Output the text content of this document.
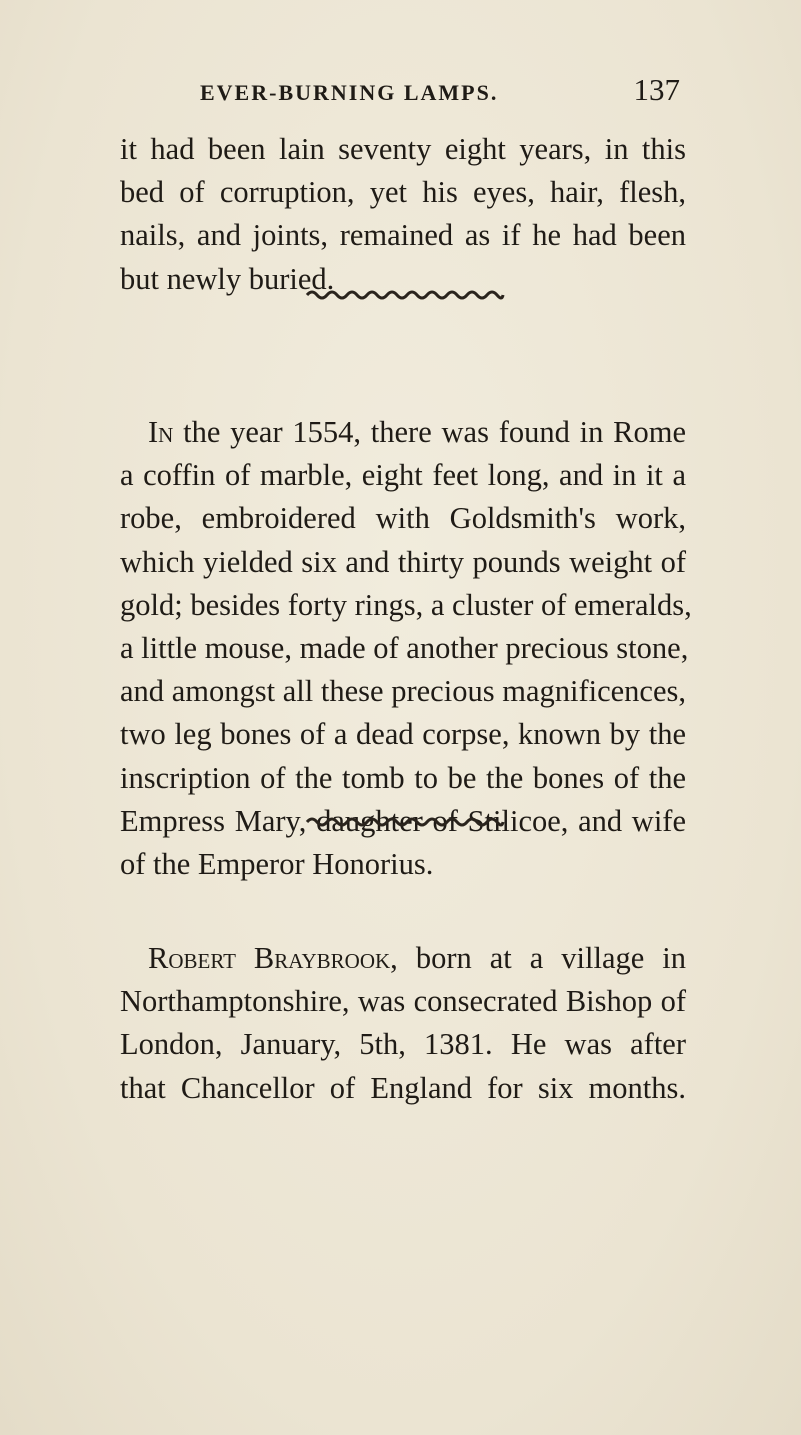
EVER-BURNING LAMPS.	137
it had been lain seventy eight years, in this
bed of corruption, yet his eyes, hair, flesh,
nails, and joints, remained as if he had been
but newly buried.
In the year 1554, there was found in Rome
a coffin of marble, eight feet long, and in it a
robe, embroidered with Goldsmith's work,
which yielded six and thirty pounds weight of
gold; besides forty rings, a cluster of emeralds,
a little mouse, made of another precious stone,
and amongst all these precious magnificences,
two leg bones of a dead corpse, known by the
inscription of the tomb to be the bones of the
Empress Mary, daughter of Stilicoe, and wife
of the Emperor Honorius.
Robert Braybrook, born at a village in
Northamptonshire, was consecrated Bishop of
London, January, 5th, 1381. He was after
that Chancellor of England for six months.
